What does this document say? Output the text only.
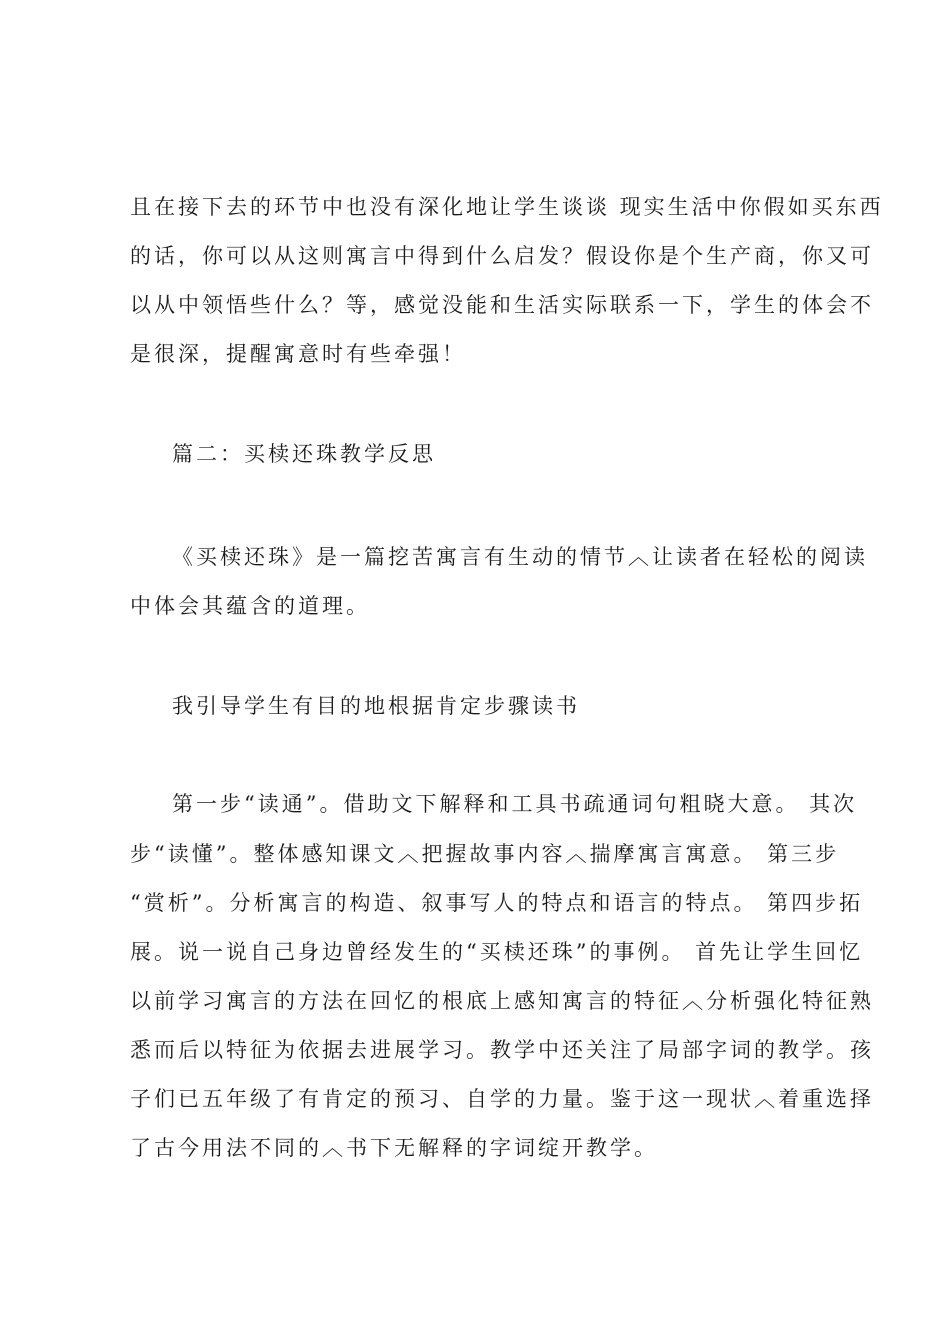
且在接下去的环节中也没有深化地让学生谈谈 现实生活中你假如买东西
的话，你可以从这则寓言中得到什么启发？假设你是个生产商，你又可
以从中领悟些什么？等，感觉没能和生活实际联系一下，学生的体会不
是很深，提醒寓意时有些牵强！
篇二：买椟还珠教学反思
《买椟还珠》是一篇挖苦寓言有生动的情节︿让读者在轻松的阅读
中体会其蕴含的道理。
我引导学生有目的地根据肯定步骤读书
第一步“读通”。借助文下解释和工具书疏通词句粗晓大意。 其次
步“读懂”。整体感知课文︿把握故事内容︿揣摩寓言寓意。 第三步
“赏析”。分析寓言的构造、叙事写人的特点和语言的特点。 第四步拓
展。说一说自己身边曾经发生的“买椟还珠”的事例。 首先让学生回忆
以前学习寓言的方法在回忆的根底上感知寓言的特征︿分析强化特征熟
悉而后以特征为依据去进展学习。教学中还关注了局部字词的教学。孩
子们已五年级了有肯定的预习、自学的力量。鉴于这一现状︿着重选择
了古今用法不同的︿书下无解释的字词绽开教学。
